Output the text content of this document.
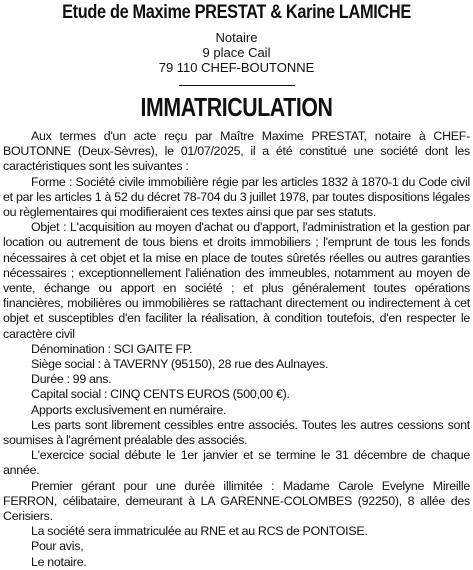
Etude de Maxime PRESTAT & Karine LAMICHE
Notaire
9 place Cail
79 110 CHEF-BOUTONNE
IMMATRICULATION

Aux termes d'un acte reçu par Maître Maxime PRESTAT, notaire à CHEF-BOUTONNE (Deux-Sèvres), le 01/07/2025, il a été constitué une société dont les caractéristiques sont les suivantes :

Forme : Société civile immobilière régie par les articles 1832 à 1870-1 du Code civil et par les articles 1 à 52 du décret 78-704 du 3 juillet 1978, par toutes dispositions légales ou règlementaires qui modifieraient ces textes ainsi que par ses statuts.

Objet : L'acquisition au moyen d'achat ou d'apport, l'administration et la gestion par location ou autrement de tous biens et droits immobiliers ; l'emprunt de tous les fonds nécessaires à cet objet et la mise en place de toutes sûretés réelles ou autres garanties nécessaires ; exceptionnellement l'aliénation des immeubles, notamment au moyen de vente, échange ou apport en société ; et plus généralement toutes opérations financières, mobilières ou immobilières se rattachant directement ou indirectement à cet objet et susceptibles d'en faciliter la réalisation, à condition toutefois, d'en respecter le caractère civil

Dénomination : SCI GAITE FP.

Siège social : à TAVERNY (95150), 28 rue des Aulnayes.

Durée : 99 ans.

Capital social : CINQ CENTS EUROS (500,00 €).

Apports exclusivement en numéraire.

Les parts sont librement cessibles entre associés. Toutes les autres cessions sont soumises à l'agrément préalable des associés.

L'exercice social débute le 1er janvier et se termine le 31 décembre de chaque année.

Premier gérant pour une durée illimitée : Madame Carole Evelyne Mireille FERRON, célibataire, demeurant à LA GARENNE-COLOMBES (92250), 8 allée des Cerisiers.

La société sera immatriculée au RNE et au RCS de PONTOISE.

Pour avis,

Le notaire.
